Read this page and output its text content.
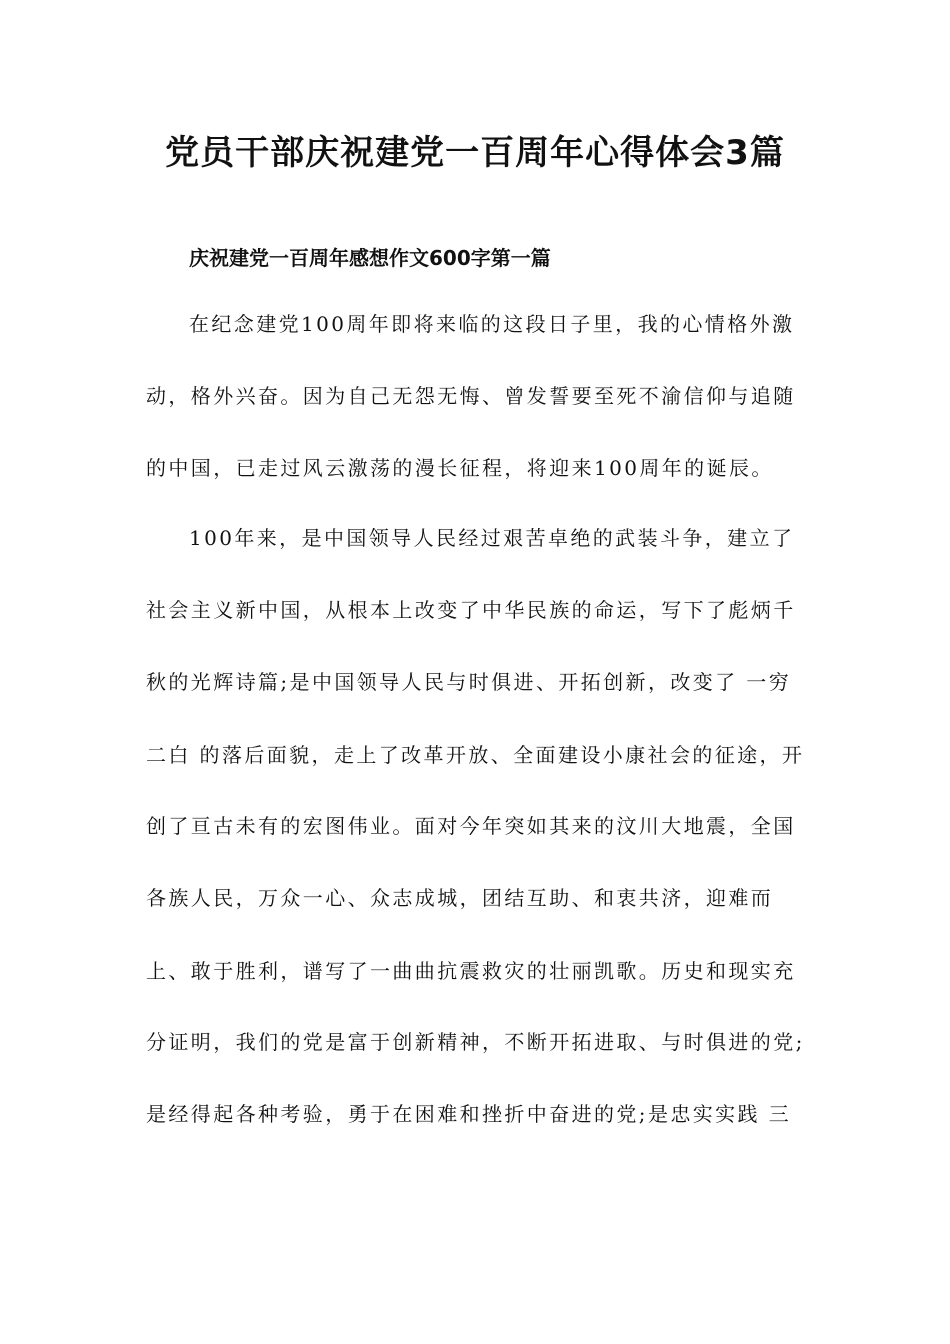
党员干部庆祝建党一百周年心得体会3篇
庆祝建党一百周年感想作文600字第一篇

在纪念建党100周年即将来临的这段日子里，我的心情格外激

动，格外兴奋。因为自己无怨无悔、曾发誓要至死不渝信仰与追随

的中国，已走过风云激荡的漫长征程，将迎来100周年的诞辰。

100年来，是中国领导人民经过艰苦卓绝的武装斗争，建立了

社会主义新中国，从根本上改变了中华民族的命运，写下了彪炳千

秋的光辉诗篇;是中国领导人民与时俱进、开拓创新，改变了 一穷

二白 的落后面貌，走上了改革开放、全面建设小康社会的征途，开

创了亘古未有的宏图伟业。面对今年突如其来的汶川大地震，全国

各族人民，万众一心、众志成城，团结互助、和衷共济，迎难而

上、敢于胜利，谱写了一曲曲抗震救灾的壮丽凯歌。历史和现实充

分证明，我们的党是富于创新精神，不断开拓进取、与时俱进的党;

是经得起各种考验，勇于在困难和挫折中奋进的党;是忠实实践 三
